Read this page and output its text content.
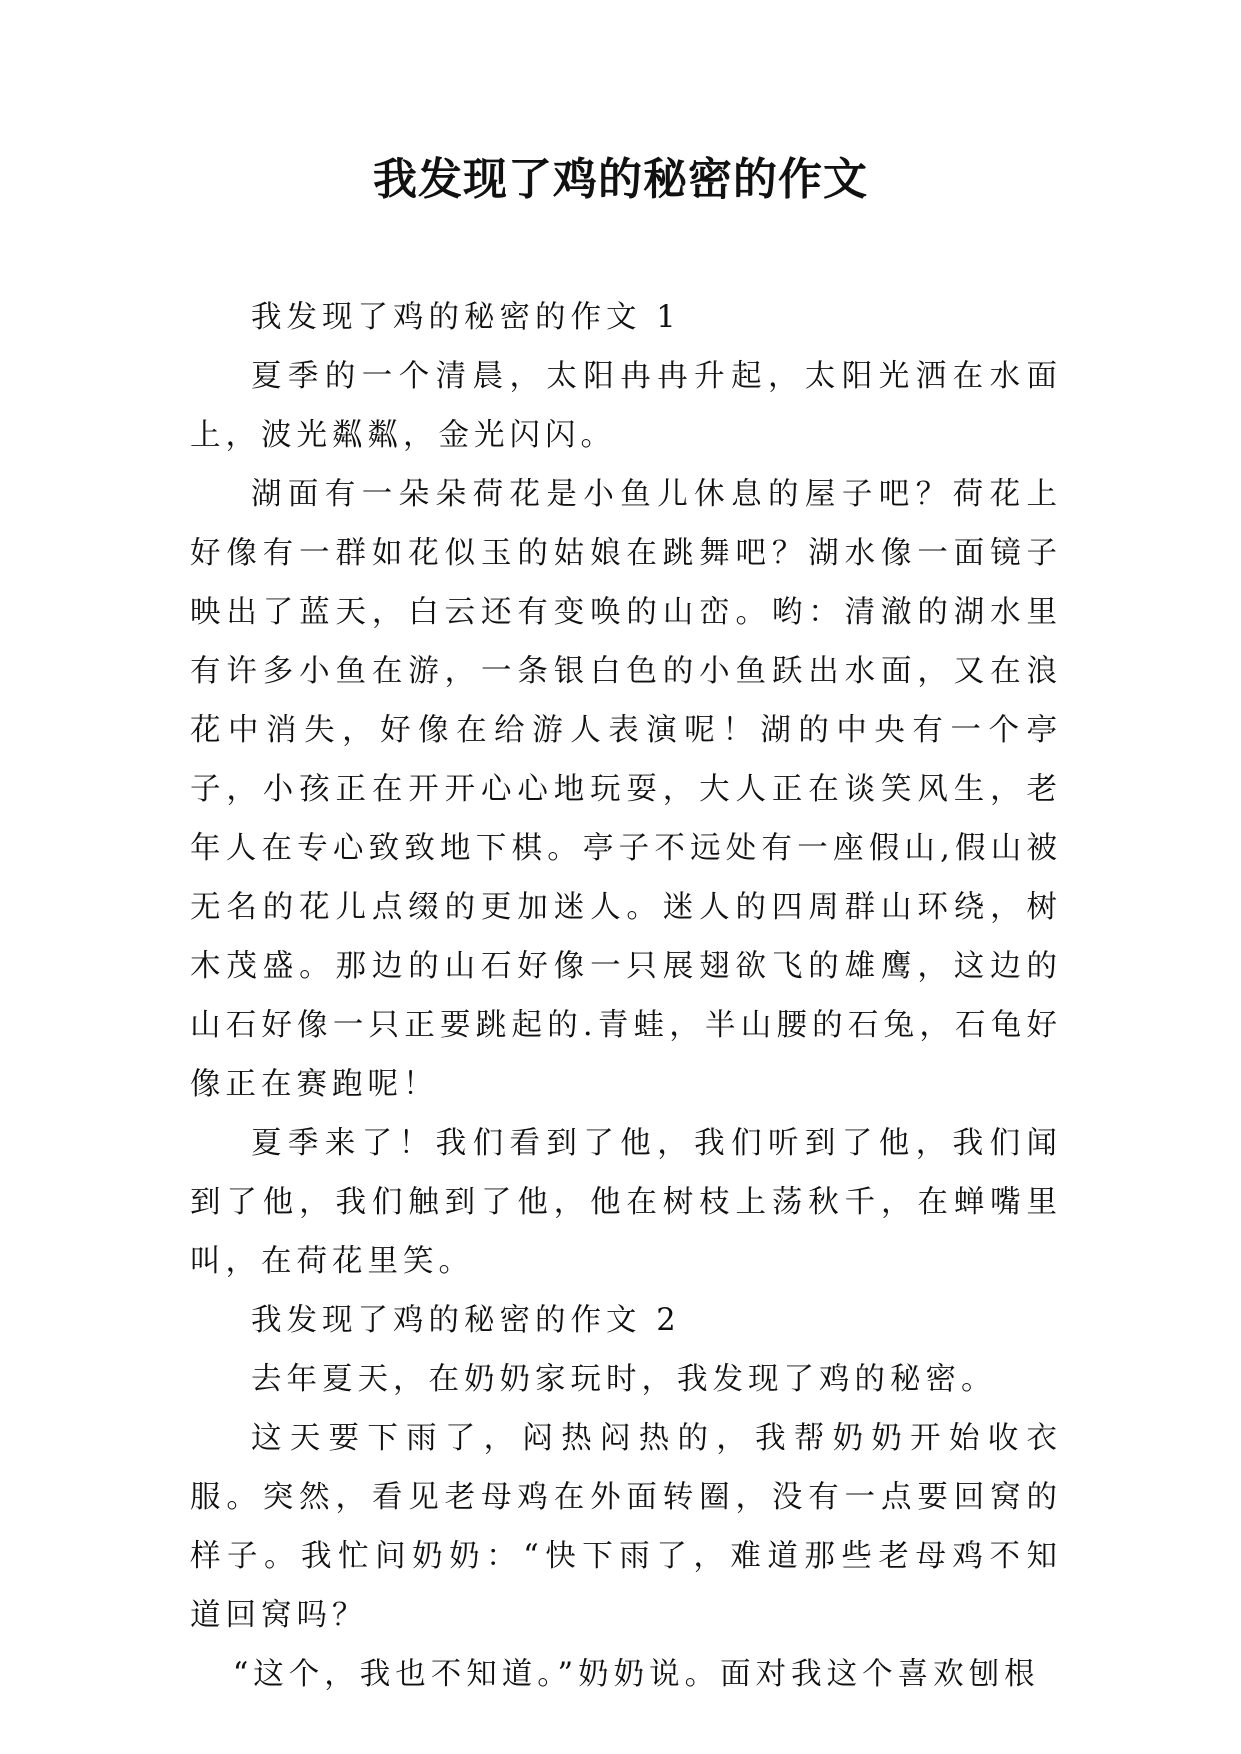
我发现了鸡的秘密的作文

我发现了鸡的秘密的作文 1

夏季的一个清晨，太阳冉冉升起，太阳光洒在水面上，波光粼粼，金光闪闪。

湖面有一朵朵荷花是小鱼儿休息的屋子吧？荷花上好像有一群如花似玉的姑娘在跳舞吧？湖水像一面镜子映出了蓝天，白云还有变唤的山峦。哟：清澈的湖水里有许多小鱼在游，一条银白色的小鱼跃出水面，又在浪花中消失，好像在给游人表演呢！湖的中央有一个亭子，小孩正在开开心心地玩耍，大人正在谈笑风生，老年人在专心致致地下棋。亭子不远处有一座假山,假山被无名的花儿点缀的更加迷人。迷人的四周群山环绕，树木茂盛。那边的山石好像一只展翅欲飞的雄鹰，这边的山石好像一只正要跳起的.青蛙，半山腰的石兔，石龟好像正在赛跑呢！

夏季来了！我们看到了他，我们听到了他，我们闻到了他，我们触到了他，他在树枝上荡秋千，在蝉嘴里叫，在荷花里笑。

我发现了鸡的秘密的作文 2

去年夏天，在奶奶家玩时，我发现了鸡的秘密。

这天要下雨了，闷热闷热的，我帮奶奶开始收衣服。突然，看见老母鸡在外面转圈，没有一点要回窝的样子。我忙问奶奶：“快下雨了，难道那些老母鸡不知道回窝吗？

“这个，我也不知道。”奶奶说。面对我这个喜欢刨根
